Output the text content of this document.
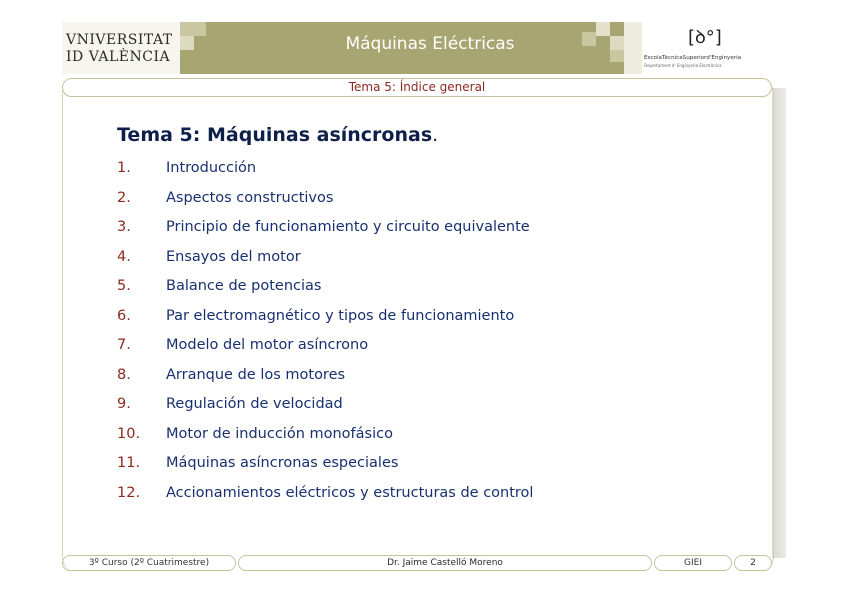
VNIVERSITAT
ID VALÈNCIA
Máquinas Eléctricas	[ꝺ°]
EscolaTècnicaSuperiord'Enginyeria
Departament d' Enginyeria Electrònica
Tema 5: Índice general
Tema 5: Máquinas asíncronas.
1. Introducción
2. Aspectos constructivos
3. Principio de funcionamiento y circuito equivalente
4. Ensayos del motor
5. Balance de potencias
6. Par electromagnético y tipos de funcionamiento
7. Modelo del motor asíncrono
8. Arranque de los motores
9. Regulación de velocidad
10. Motor de inducción monofásico
11. Máquinas asíncronas especiales
12. Accionamientos eléctricos y estructuras de control
3º Curso (2º Cuatrimestre)	Dr. Jaime Castelló Moreno	GIEI	2
